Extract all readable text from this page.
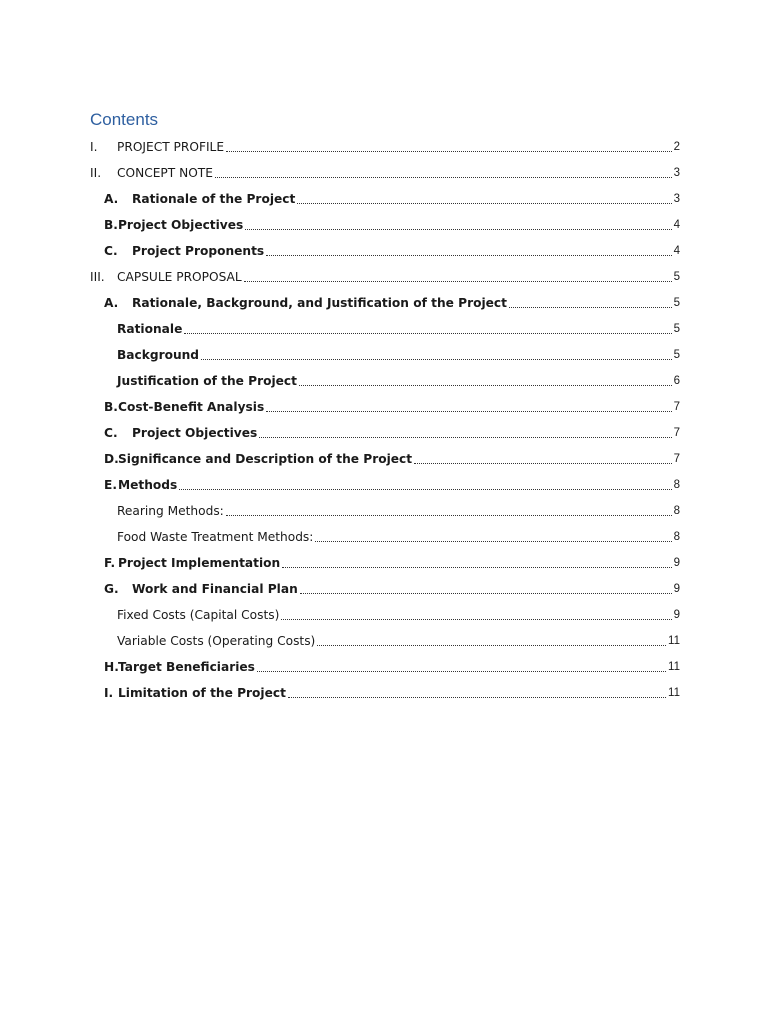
Contents
I.	PROJECT PROFILE	2
II.	CONCEPT NOTE	3
A.	Rationale of the Project	3
B. Project Objectives	4
C.	Project Proponents	4
III.	CAPSULE PROPOSAL	5
A.	Rationale, Background, and Justification of the Project	5
Rationale	5
Background	5
Justification of the Project	6
B. Cost-Benefit Analysis	7
C.	Project Objectives	7
D. Significance and Description of the Project	7
E. Methods	8
Rearing Methods:	8
Food Waste Treatment Methods:	8
F. Project Implementation	9
G.	Work and Financial Plan	9
Fixed Costs (Capital Costs)	9
Variable Costs (Operating Costs)	11
H. Target Beneficiaries	11
I. Limitation of the Project	11
